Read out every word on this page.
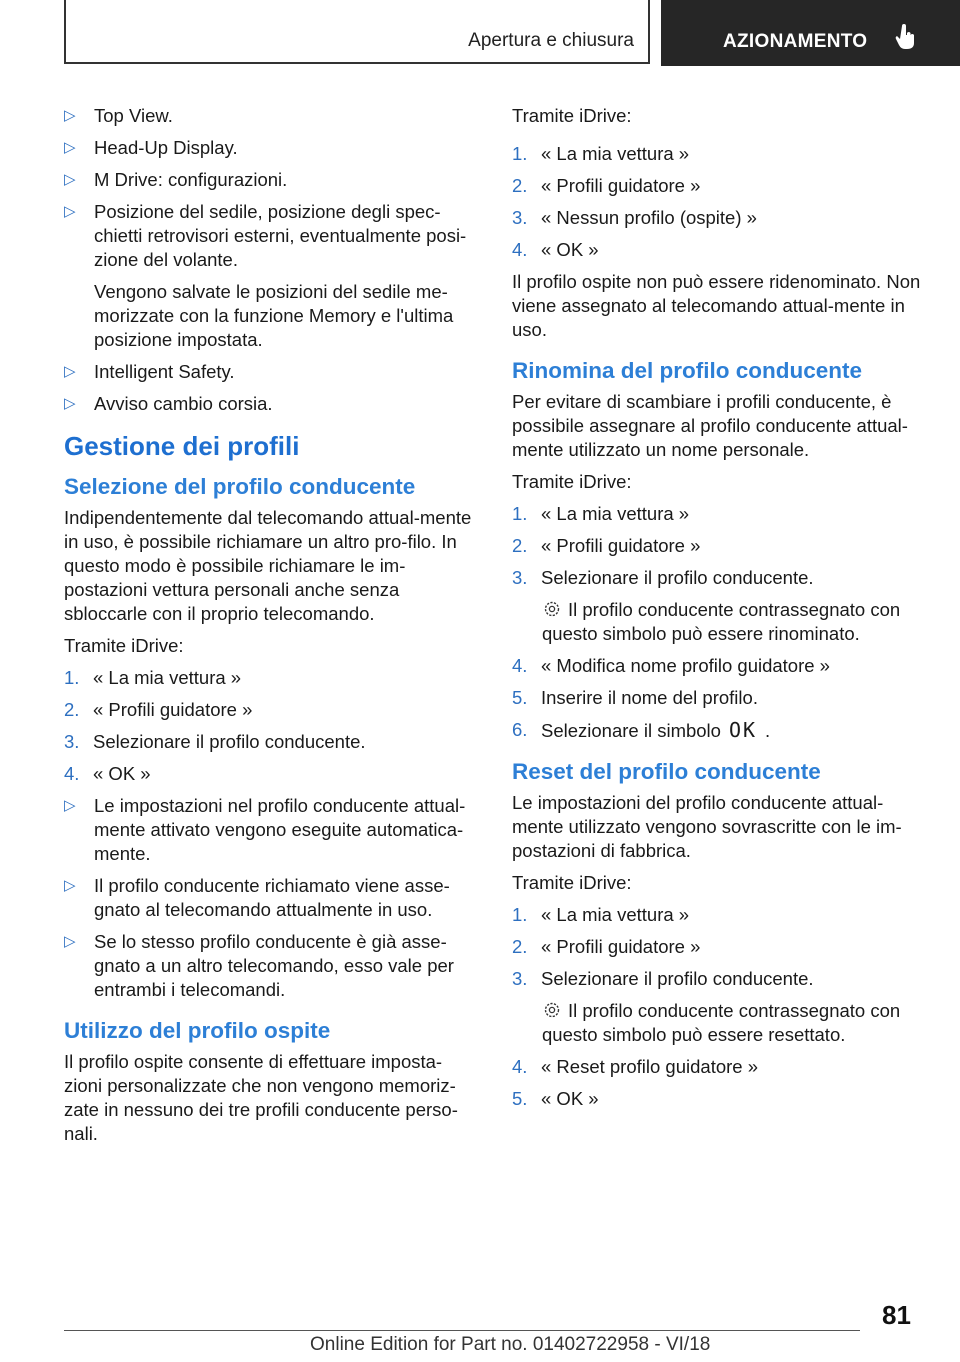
Apertura e chiusura	AZIONAMENTO
▷ Top View.
▷ Head-Up Display.
▷ M Drive: configurazioni.
▷ Posizione del sedile, posizione degli spec-chietti retrovisori esterni, eventualmente posi-zione del volante.

Vengono salvate le posizioni del sedile me-morizzate con la funzione Memory e l'ultima posizione impostata.

▷ Intelligent Safety.
▷ Avviso cambio corsia.
Gestione dei profili
Selezione del profilo conducente

Indipendentemente dal telecomando attual-mente in uso, è possibile richiamare un altro pro-filo. In questo modo è possibile richiamare le im-postazioni vettura personali anche senza sbloccarle con il proprio telecomando.

Tramite iDrive:

1. « La mia vettura »
2. « Profili guidatore »
3. Selezionare il profilo conducente.
4. « OK »
▷ Le impostazioni nel profilo conducente attual-mente attivato vengono eseguite automatica-mente.
▷ Il profilo conducente richiamato viene asse-gnato al telecomando attualmente in uso.
▷ Se lo stesso profilo conducente è già asse-gnato a un altro telecomando, esso vale per entrambi i telecomandi.
Utilizzo del profilo ospite

Il profilo ospite consente di effettuare imposta-zioni personalizzate che non vengono memoriz-zate in nessuno dei tre profili conducente perso-nali.

Tramite iDrive:

1. « La mia vettura »
2. « Profili guidatore »
3. « Nessun profilo (ospite) »
4. « OK »

Il profilo ospite non può essere ridenominato. Non viene assegnato al telecomando attual-mente in uso.

Rinomina del profilo conducente

Per evitare di scambiare i profili conducente, è possibile assegnare al profilo conducente attual-mente utilizzato un nome personale.

Tramite iDrive:

1. « La mia vettura »
2. « Profili guidatore »
3. Selezionare il profilo conducente.

Il profilo conducente contrassegnato con questo simbolo può essere rinominato.

4. « Modifica nome profilo guidatore »
5. Inserire il nome del profilo.
6. Selezionare il simbolo OK .
Reset del profilo conducente

Le impostazioni del profilo conducente attual-mente utilizzato vengono sovrascritte con le im-postazioni di fabbrica.

Tramite iDrive:

1. « La mia vettura »
2. « Profili guidatore »
3. Selezionare il profilo conducente.

Il profilo conducente contrassegnato con questo simbolo può essere resettato.

4. « Reset profilo guidatore »
5. « OK »
81
Online Edition for Part no. 01402722958 - VI/18
